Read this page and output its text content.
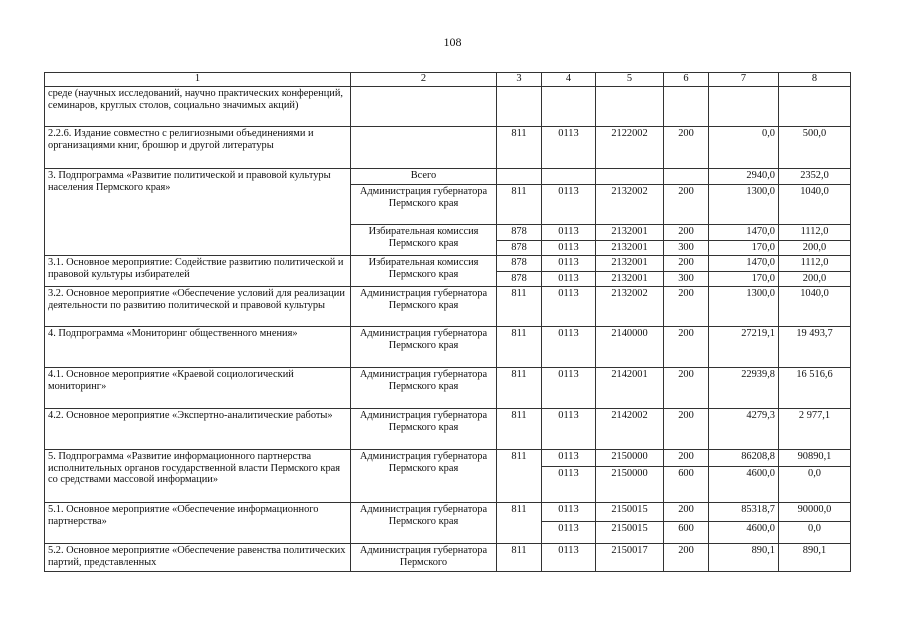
108
1	2	3	4	5	6	7	8
среде (научных исследований, научно практических конференций, семинаров, круглых столов, социально значимых акций)							
2.2.6. Издание совместно с религиозными объединениями и организациями книг, брошюр и другой литературы		811	0113	2122002	200	0,0	500,0
3. Подпрограмма «Развитие политической и правовой культуры населения Пермского края»	Всего					2940,0	2352,0
	Администрация губернатора Пермского края	811	0113	2132002	200	1300,0	1040,0
	Избирательная комиссия Пермского края	878	0113	2132001	200	1470,0	1112,0
		878	0113	2132001	300	170,0	200,0
3.1. Основное мероприятие: Содействие развитию политической и правовой культуры избирателей	Избирательная комиссия Пермского края	878	0113	2132001	200	1470,0	1112,0
		878	0113	2132001	300	170,0	200,0
3.2. Основное мероприятие «Обеспечение условий для реализации деятельности по развитию политической и правовой культуры	Администрация губернатора Пермского края	811	0113	2132002	200	1300,0	1040,0
4. Подпрограмма «Мониторинг общественного мнения»	Администрация губернатора Пермского края	811	0113	2140000	200	27219,1	19 493,7
4.1. Основное мероприятие «Краевой социологический мониторинг»	Администрация губернатора Пермского края	811	0113	2142001	200	22939,8	16 516,6
4.2. Основное мероприятие «Экспертно-аналитические работы»	Администрация губернатора Пермского края	811	0113	2142002	200	4279,3	2 977,1
5. Подпрограмма «Развитие информационного партнерства исполнительных органов государственной власти Пермского края со средствами массовой информации»	Администрация губернатора Пермского края	811	0113	2150000	200	86208,8	90890,1
			0113	2150000	600	4600,0	0,0
5.1. Основное мероприятие «Обеспечение информационного партнерства»	Администрация губернатора Пермского края	811	0113	2150015	200	85318,7	90000,0
			0113	2150015	600	4600,0	0,0
5.2. Основное мероприятие «Обеспечение равенства политических партий, представленных	Администрация губернатора Пермского	811	0113	2150017	200	890,1	890,1
